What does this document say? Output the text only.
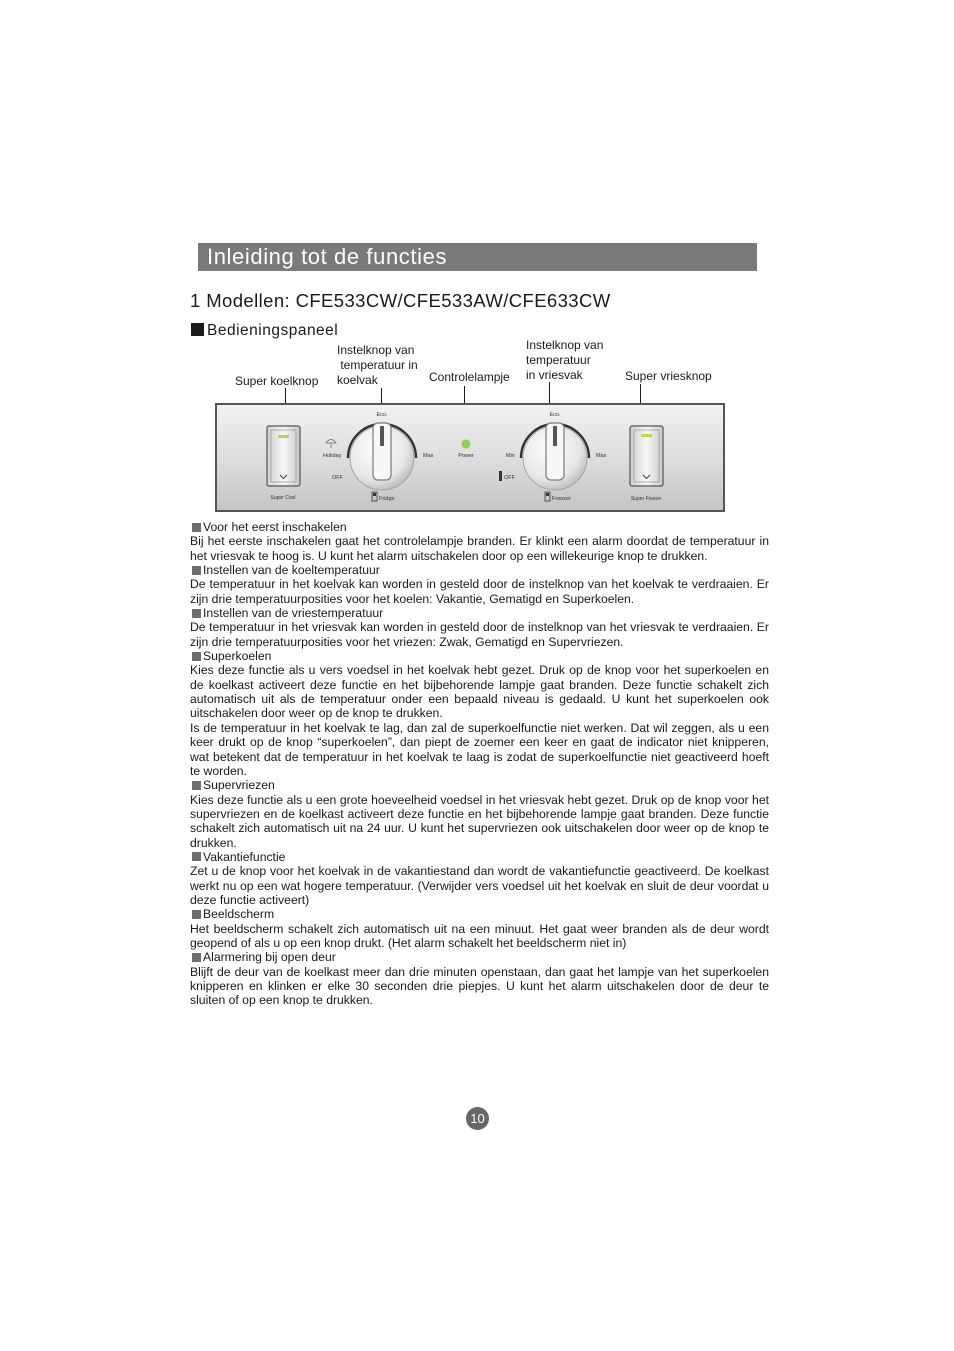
Inleiding tot de functies
1 Modellen: CFE533CW/CFE533AW/CFE633CW
Bedieningspaneel
Super koelknop
Instelknop van
temperatuur in
koelvak	Controlelampje
Instelknop van
temperatuur
in vriesvak	Super vriesknop
Super Cool
Eco.
Holiday
OFF
Max
Fridge
Power
Eco.
Min
OFF
Max
Freezer	Super Freeze
Voor het eerst inschakelen

Bij het eerste inschakelen gaat het controlelampje branden. Er klinkt een alarm doordat de temperatuur in het vriesvak te hoog is. U kunt het alarm uitschakelen door op een willekeurige knop te drukken.

Instellen van de koeltemperatuur

De temperatuur in het koelvak kan worden in gesteld door de instelknop van het koelvak te verdraaien. Er zijn drie temperatuurposities voor het koelen: Vakantie, Gematigd en Superkoelen.

Instellen van de vriestemperatuur

De temperatuur in het vriesvak kan worden in gesteld door de instelknop van het vriesvak te verdraaien. Er zijn drie temperatuurposities voor het vriezen: Zwak, Gematigd en Supervriezen.

Superkoelen

Kies deze functie als u vers voedsel in het koelvak hebt gezet. Druk op de knop voor het superkoelen en de koelkast activeert deze functie en het bijbehorende lampje gaat branden. Deze functie schakelt zich automatisch uit als de temperatuur onder een bepaald niveau is gedaald. U kunt het superkoelen ook uitschakelen door weer op de knop te drukken.

Is de temperatuur in het koelvak te lag, dan zal de superkoelfunctie niet werken. Dat wil zeggen, als u een keer drukt op de knop “superkoelen”, dan piept de zoemer een keer en gaat de indicator niet knipperen, wat betekent dat de temperatuur in het koelvak te laag is zodat de superkoelfunctie niet geactiveerd hoeft te worden.

Supervriezen

Kies deze functie als u een grote hoeveelheid voedsel in het vriesvak hebt gezet. Druk op de knop voor het supervriezen en de koelkast activeert deze functie en het bijbehorende lampje gaat branden. Deze functie schakelt zich automatisch uit na 24 uur. U kunt het supervriezen ook uitschakelen door weer op de knop te drukken.

Vakantiefunctie

Zet u de knop voor het koelvak in de vakantiestand dan wordt de vakantiefunctie geactiveerd. De koelkast werkt nu op een wat hogere temperatuur. (Verwijder vers voedsel uit het koelvak en sluit de deur voordat u deze functie activeert)

Beeldscherm

Het beeldscherm schakelt zich automatisch uit na een minuut. Het gaat weer branden als de deur wordt geopend of als u op een knop drukt. (Het alarm schakelt het beeldscherm niet in)

Alarmering bij open deur

Blijft de deur van de koelkast meer dan drie minuten openstaan, dan gaat het lampje van het superkoelen knipperen en klinken er elke 30 seconden drie piepjes. U kunt het alarm uitschakelen door de deur te sluiten of op een knop te drukken.

10
